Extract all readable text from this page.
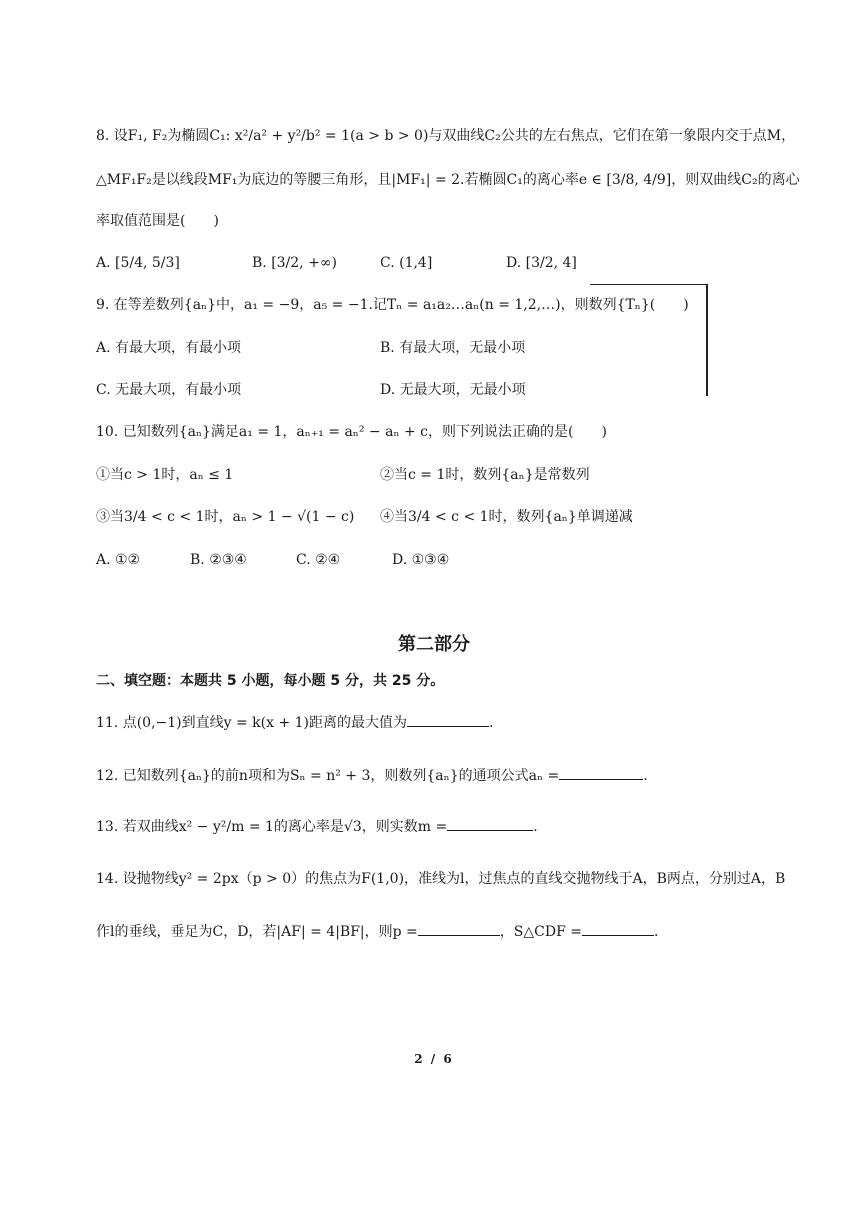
8. 设F₁, F₂为椭圆C₁: x²/a² + y²/b² = 1(a > b > 0)与双曲线C₂公共的左右焦点，它们在第一象限内交于点M，
△MF₁F₂是以线段MF₁为底边的等腰三角形，且|MF₁| = 2.若椭圆C₁的离心率e ∈ [3/8, 4/9]，则双曲线C₂的离心
率取值范围是(　　)
A. [5/4, 5/3]	B. [3/2, +∞)	C. (1,4]	D. [3/2, 4]
9. 在等差数列{aₙ}中，a₁ = −9，a₅ = −1.记Tₙ = a₁a₂…aₙ(n = 1,2,…)，则数列{Tₙ}(　　)
A. 有最大项，有最小项	B. 有最大项，无最小项
C. 无最大项，有最小项	D. 无最大项，无最小项
10. 已知数列{aₙ}满足a₁ = 1，aₙ₊₁ = aₙ² − aₙ + c，则下列说法正确的是(　　)
①当c > 1时，aₙ ≤ 1	②当c = 1时，数列{aₙ}是常数列
③当3/4 < c < 1时，aₙ > 1 − √(1 − c) ④当3/4 < c < 1时，数列{aₙ}单调递减
A. ①②	B. ②③④	C. ②④	D. ①③④
第二部分
二、填空题：本题共 5 小题，每小题 5 分，共 25 分。
11. 点(0,−1)到直线y = k(x + 1)距离的最大值为	.
12. 已知数列{aₙ}的前n项和为Sₙ = n² + 3，则数列{aₙ}的通项公式aₙ =	.
13. 若双曲线x² − y²/m = 1的离心率是√3，则实数m =	.
14. 设抛物线y² = 2px（p > 0）的焦点为F(1,0)，准线为l，过焦点的直线交抛物线于A，B两点，分别过A，B
作l的垂线，垂足为C，D，若|AF| = 4|BF|，则p =	，S△CDF =	.
2 / 6
